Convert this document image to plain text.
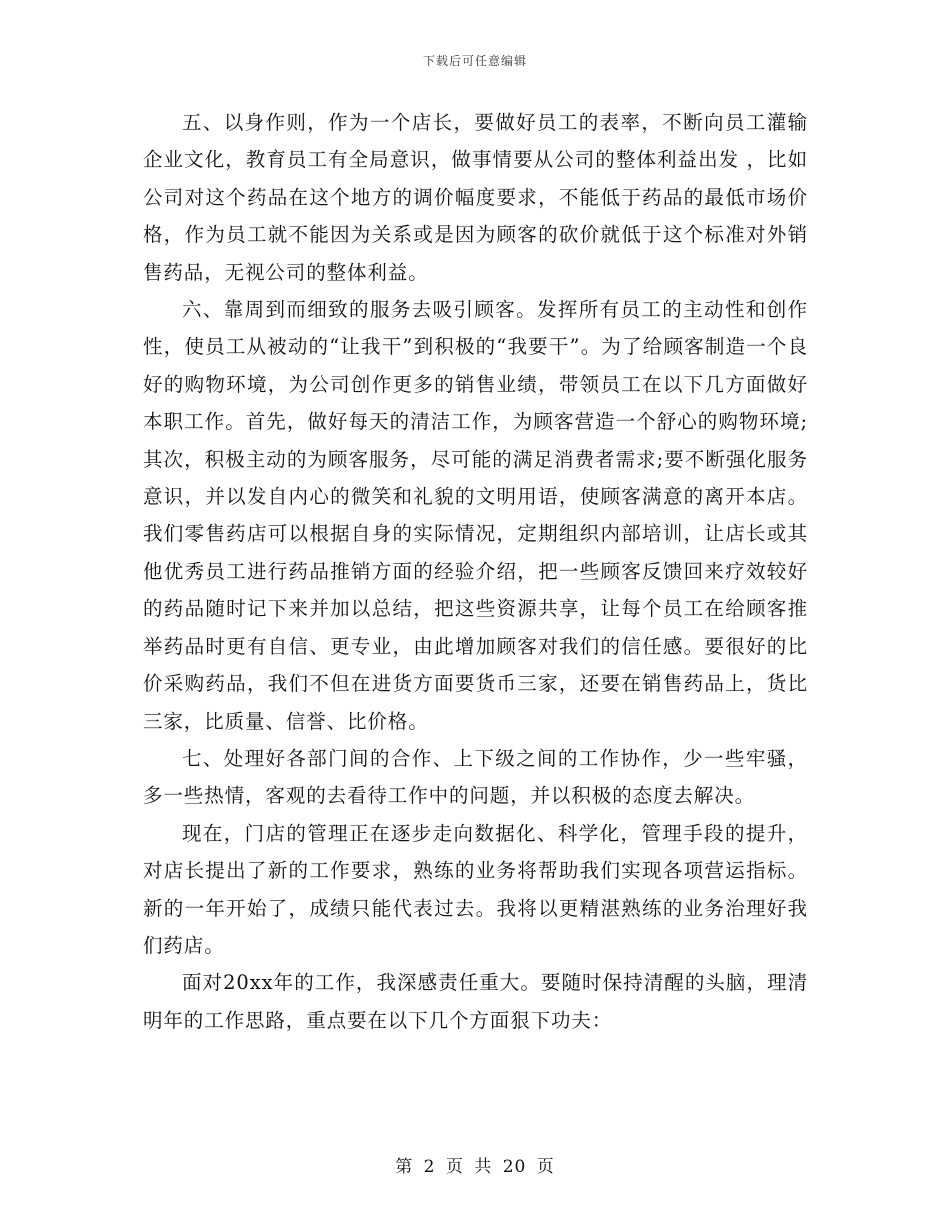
下载后可任意编辑

五、以身作则，作为一个店长，要做好员工的表率，不断向员工灌输企业文化，教育员工有全局意识，做事情要从公司的整体利益出发 ，比如公司对这个药品在这个地方的调价幅度要求，不能低于药品的最低市场价格，作为员工就不能因为关系或是因为顾客的砍价就低于这个标准对外销售药品，无视公司的整体利益。

六、靠周到而细致的服务去吸引顾客。发挥所有员工的主动性和创作性，使员工从被动的“让我干”到积极的“我要干”。为了给顾客制造一个良好的购物环境，为公司创作更多的销售业绩，带领员工在以下几方面做好本职工作。首先，做好每天的清洁工作，为顾客营造一个舒心的购物环境;其次，积极主动的为顾客服务，尽可能的满足消费者需求;要不断强化服务意识，并以发自内心的微笑和礼貌的文明用语，使顾客满意的离开本店。 我们零售药店可以根据自身的实际情况，定期组织内部培训，让店长或其他优秀员工进行药品推销方面的经验介绍，把一些顾客反馈回来疗效较好的药品随时记下来并加以总结，把这些资源共享，让每个员工在给顾客推举药品时更有自信、更专业，由此增加顾客对我们的信任感。要很好的比价采购药品，我们不但在进货方面要货币三家，还要在销售药品上，货比三家，比质量、信誉、比价格。

七、处理好各部门间的合作、上下级之间的工作协作，少一些牢骚，多一些热情，客观的去看待工作中的问题，并以积极的态度去解决。

现在，门店的管理正在逐步走向数据化、科学化，管理手段的提升，对店长提出了新的工作要求，熟练的业务将帮助我们实现各项营运指标。新的一年开始了，成绩只能代表过去。我将以更精湛熟练的业务治理好我们药店。

面对20xx年的工作，我深感责任重大。要随时保持清醒的头脑，理清明年的工作思路，重点要在以下几个方面狠下功夫：

第 2 页 共 20 页
